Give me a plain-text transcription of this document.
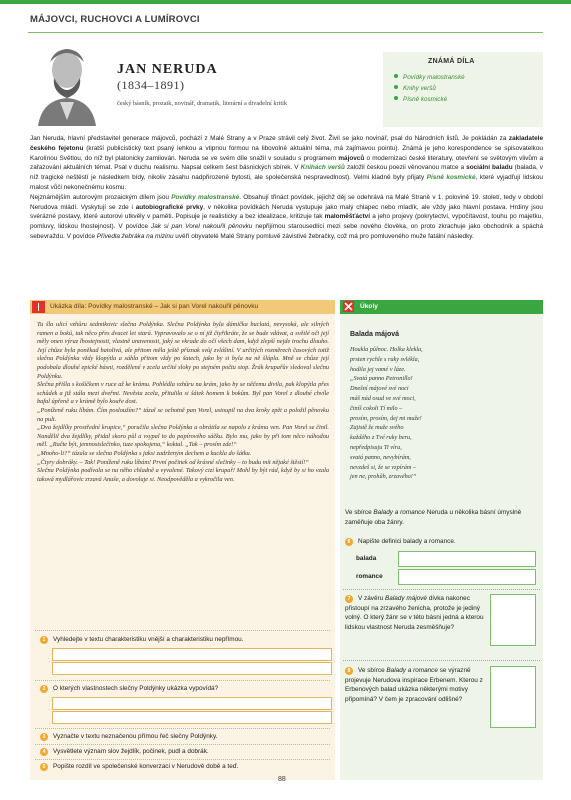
MÁJOVCI, RUCHOVCI A LUMÍROVCI
JAN NERUDA
(1834–1891)
český básník, prozaik, novinář, dramatik, literární a divadelní kritik
ZNÁMÁ DÍLA
Povídky malostranské
Knihy veršů
Písně kosmické

Jan Neruda, hlavní představitel generace májovců, pochází z Malé Strany a v Praze strávil celý život. Živil se jako novinář, psal do Národních listů. Je pokládán za zakladatele českého fejetonu (kratší publicistický text psaný lehkou a vtipnou formou na libovolné aktuální téma, má zajímavou pointu). Známá je jeho korespondence se spisovatelkou Karolínou Světlou, do níž byl platonicky zamilován. Neruda se ve svém díle snažil v souladu s programem májovců o modernizaci české literatury, otevření se světovým vlivům a zařazování aktuálních témat. Psal v duchu realismu. Napsal celkem šest básnických sbírek. V Knihách veršů založil českou poezii věnovanou matce a sociální baladu (balada, v níž tragické neštěstí je následkem bídy, nikoliv zásahu nadpřirozené bytosti, ale společenská nespravedlnost). Velmi kladně byly přijaty Písně kosmické, které vyjadřují lidskou malost vůči nekonečnému kosmu.

Nejznámějším autorovým prozaickým dílem jsou Povídky malostranské. Obsahují třináct povídek, jejichž děj se odehrává na Malé Straně v 1. polovině 19. století, tedy v období Nerudova mládí. Vyskytují se zde i autobiografické prvky, v několika povídkách Neruda vystupuje jako malý chlapec nebo mladík, ale vždy jako hlavní postava. Hrdiny jsou svérázné postavy, které autorovi utkvěly v paměti. Popisuje je realisticky a bez idealizace, kritizuje tak maloměšťáctví a jeho projevy (pokrytectví, vypočítavost, touhu po majetku, pomluvy, lidskou lhostejnost). V povídce Jak si pan Vorel nakouřil pěnovku nepřijímou starousedlíci mezi sebe nového člověka, on proto zkrachuje jako obchodník a spáchá sebevraždu. V povídce Přivedla žebráka na mizinu uvěří obyvatelé Malé Strany pomluvě závistivé žebračky, což má pro pomluveného muže fatální následky.

Ukázka díla: Povídky malostranské – Jak si pan Vorel nakouřil pěnovku

Tu šla ulicí vzhůru sedmikovic slečna Poldýnka. Slečna Poldýnka byla dámička buclatá, nevysoká, ale silných ramen a boků, tak něco přes dvacet let stará. Vypravovalo se o ní již čtyřikráte, že se bude vdávat, a světlé oči její měly onen výraz lhostejnosti, vlastně unavenosti, jaký se vkrade do očí všech dam, když zlepší nejde trochu dlouho. Její chůze byla poněkud batolivá, ale přitom měla ještě příznak svůj zvláštní. V určitých rozměrech časových totiž slečna Poldýnka vždy klopýtla a sáhla přitom vždy po šatech, jako by si byla na ně šlápla. Mně se chůze její podobala dlouhé epické básni, rozdělené v zcela určité sloky po stejném počtu stop. Žrák krupařův sledoval slečnu Poldýnku.

Slečna přišla s košíčkem v ruce až ke krámu. Pohlédla vzhůru na krám, jako by se něčemu divila, pak klopýtla přes schůdek a již stála mezi dveřmi. Nevěsta zcela, přitulila si šátek homem k bokům. Byl pan Vorel z dlouhé chvíle bafal úpřeně a v krámě bylo kouře dost.

„Poníženě ruku líbám. Čím posloužím?“ tázal se ochotně pan Vorel, ustoupil na dva kroky zpět a položil pěnovku na pult.

„Dva žejdlíky prostřední krupice,“ poručila slečna Poldýnka a obrátila se napolo z krámu ven. Pan Vorel se činil. Nandělil dva žejdlíky, přidal skoro půl a vsypal to do papírového sáčku. Bylo mu, jako by při tom něco náhodou měl. „Račte být, jemnostslečinko, tuze spokojena,“ koktal. „Tak – prosím zde!“

„Mnoho-li?“ tázala se slečna Poldýnka s jaksi zadrženým dechem a kuckla do šátku.

„Čtyry dobráky. – Tak! Poníženě ruku líbám! První počinek od krásné slečinky – to budu mít nějaké štěstí!“

Slečna Poldýnka podívala se na něho chladně a vyvalené. Takový cizí krupař! Mohl by být rád, když by si ho vzala taková mydlářovic zrzavá Anuše, a dovoluje si. Neodpověděla a vykročila ven.

1 Vyhledejte v textu charakteristiku vnější a charakteristiku nepřímou.
2 O kterých vlastnostech slečny Poldýnky ukázka vypovídá?
3 Vyznačte v textu neznačenou přímou řeč slečny Poldýnky.
4 Vysvětlete význam slov žejdlík, počinek, pudl a dobrák.
5 Popište rozdíl ve společenské konverzaci v Nerudově době a teď.
Úkoly
Balada májová
Houkla půlnoc. Holka klekla,
prsten rychle s ruky svlékla,
hodila jej vamé v láze.
„Svatá panno Petronillo!
Dnešní májové své noci
máš nád osud ve své moci,
činíš cokoli Tí milo –
prosím, prosím, dej mi muže!
Zajistě že muže svého
každého z Tvé ruky beru,
nepředpisuju Ti víru,
svatá panno, nevybírám,
nevzdeš si, že se vzpírám –
jen ne, prohůh, zrzavého!“
Ve sbírce Balady a romance Neruda u několika básní úmyslně zaměňuje oba žánry.
6 Napište definici balady a romance.
balada
romance
7 V závěru Balady májové dívka nakonec přistoupí na zrzavého ženicha, protože je jediný volný. O který žánr se v této básni jedná a kterou lidskou vlastnost Neruda zesměšňuje?
8 Ve sbírce Balady a romance se výrazně projevuje Nerudova inspirace Erbenem. Kterou z Erbenových balad ukázka některými motivy připomíná? V čem je zpracování odlišné?
88
